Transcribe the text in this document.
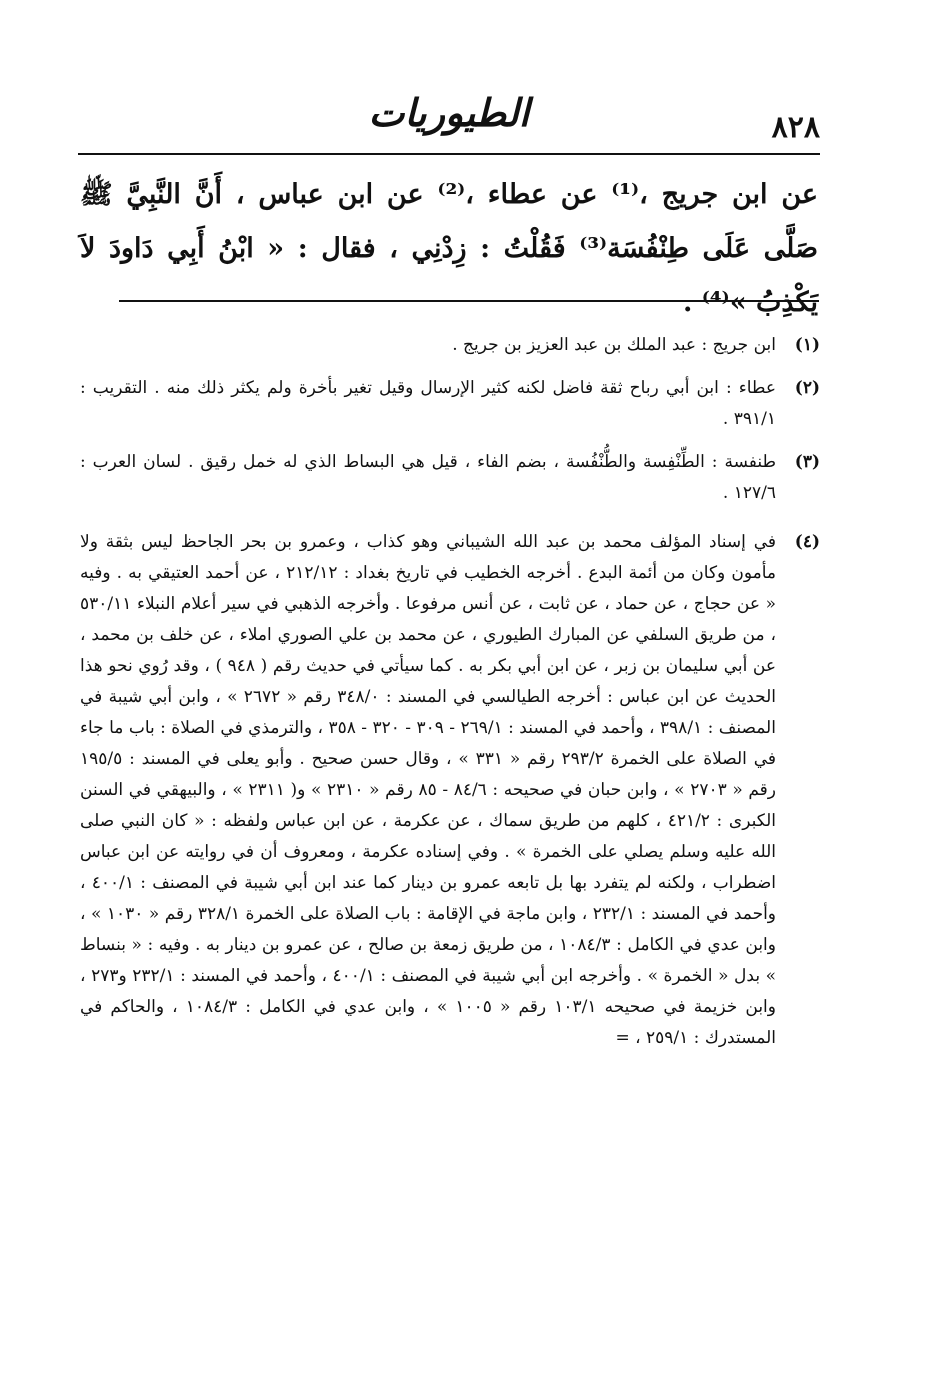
٨٢٨
الطيوريات

عن ابن جريج ،⁽¹⁾ عن عطاء ،⁽²⁾ عن ابن عباس ، أَنَّ النَّبِيَّ ﷺ صَلَّى عَلَى طِنْفُسَة⁽³⁾ فَقُلْتُ : زِدْنِي ، فقال : « ابْنُ أَبِي دَاودَ لاَ يَكْذِبُ »⁽⁴⁾ .

(١)
ابن جريج : عبد الملك بن عبد العزيز بن جريج .
(٢)
عطاء : ابن أبي رباح ثقة فاضل لكنه كثير الإرسال وقيل تغير بأخرة ولم يكثر ذلك منه . التقريب : ٣٩١/١ .
(٣)
طنفسة : الطِّنْفِسة والطُّنْفُسة ، بضم الفاء ، قيل هي البساط الذي له خمل رقيق . لسان العرب : ١٢٧/٦ .
(٤)
في إسناد المؤلف محمد بن عبد الله الشيباني وهو كذاب ، وعمرو بن بحر الجاحظ ليس بثقة ولا مأمون وكان من أئمة البدع . أخرجه الخطيب في تاريخ بغداد : ٢١٢/١٢ ، عن أحمد العتيقي به . وفيه « عن حجاج ، عن حماد ، عن ثابت ، عن أنس مرفوعا . وأخرجه الذهبي في سير أعلام النبلاء ٥٣٠/١١ ، من طريق السلفي عن المبارك الطيوري ، عن محمد بن علي الصوري املاء ، عن خلف بن محمد ، عن أبي سليمان بن زبر ، عن ابن أبي بكر به . كما سيأتي في حديث رقم ( ٩٤٨ ) ، وقد رُوي نحو هذا الحديث عن ابن عباس : أخرجه الطيالسي في المسند : ٣٤٨/٠ رقم « ٢٦٧٢ » ، وابن أبي شيبة في المصنف : ٣٩٨/١ ، وأحمد في المسند : ٢٦٩/١ - ٣٠٩ - ٣٢٠ - ٣٥٨ ، والترمذي في الصلاة : باب ما جاء في الصلاة على الخمرة ٢٩٣/٢ رقم « ٣٣١ » ، وقال حسن صحيح . وأبو يعلى في المسند : ١٩٥/٥ رقم « ٢٧٠٣ » ، وابن حبان في صحيحه : ٨٤/٦ - ٨٥ رقم « ٢٣١٠ » و( ٢٣١١ » ، والبيهقي في السنن الكبرى : ٤٢١/٢ ، كلهم من طريق سماك ، عن عكرمة ، عن ابن عباس ولفظه : « كان النبي صلى الله عليه وسلم يصلي على الخمرة » . وفي إسناده عكرمة ، ومعروف أن في روايته عن ابن عباس اضطراب ، ولكنه لم يتفرد بها بل تابعه عمرو بن دينار كما عند ابن أبي شيبة في المصنف : ٤٠٠/١ ، وأحمد في المسند : ٢٣٢/١ ، وابن ماجة في الإقامة : باب الصلاة على الخمرة ٣٢٨/١ رقم « ١٠٣٠ » ، وابن عدي في الكامل : ١٠٨٤/٣ ، من طريق زمعة بن صالح ، عن عمرو بن دينار به . وفيه : « بنساط » بدل « الخمرة » . وأخرجه ابن أبي شيبة في المصنف : ٤٠٠/١ ، وأحمد في المسند : ٢٣٢/١ و٢٧٣ ، وابن خزيمة في صحيحه ١٠٣/١ رقم « ١٠٠٥ » ، وابن عدي في الكامل : ١٠٨٤/٣ ، والحاكم في المستدرك : ٢٥٩/١ ، =
